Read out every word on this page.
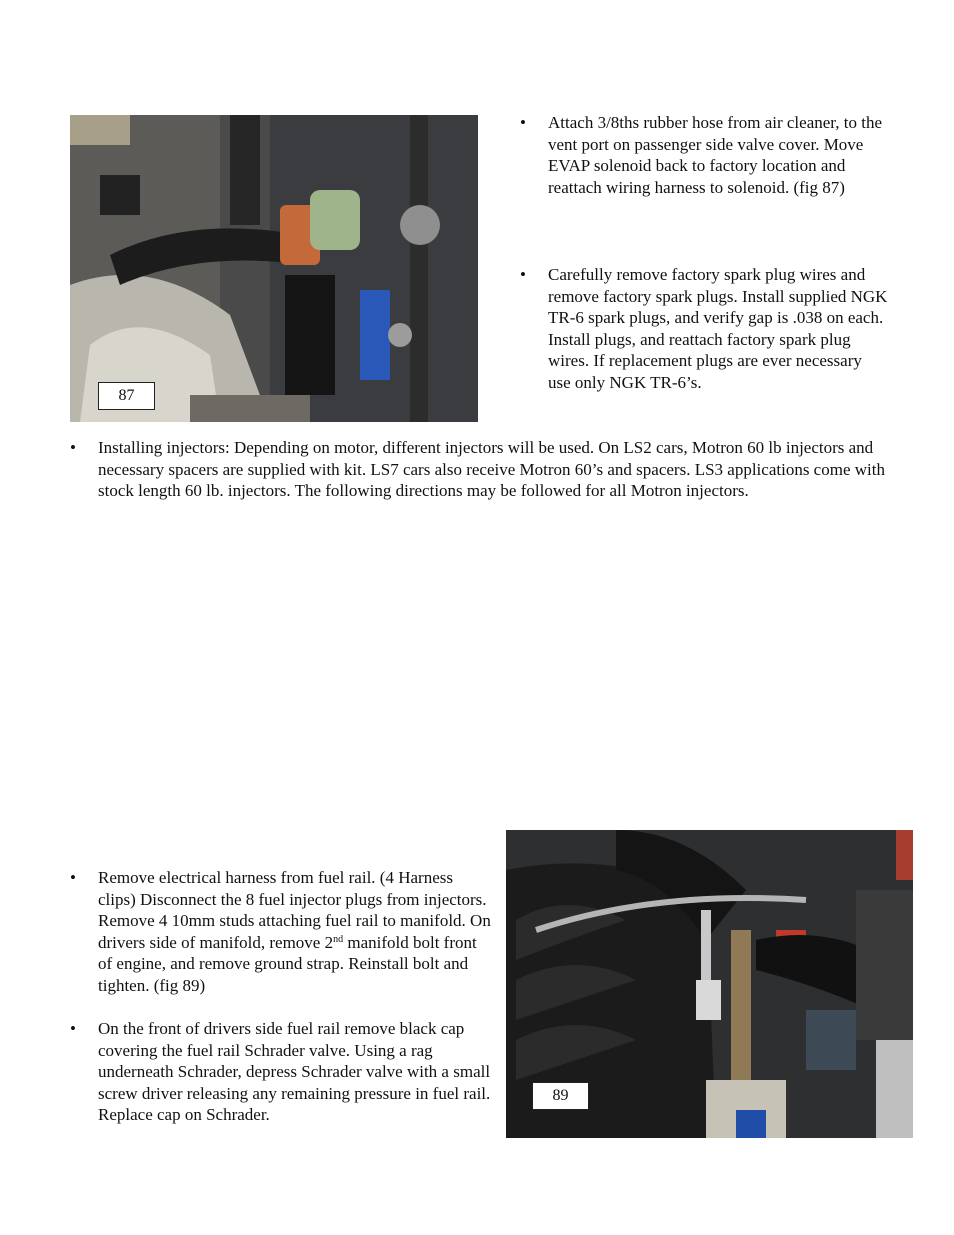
87
•	Attach 3/8ths rubber hose from air cleaner, to the vent port on passenger side valve cover. Move EVAP solenoid back to factory location and reattach wiring harness to solenoid. (fig 87)
•	Carefully remove factory spark plug wires and remove factory spark plugs. Install supplied NGK TR-6 spark plugs, and verify gap is .038 on each. Install plugs, and reattach factory spark plug wires. If replacement plugs are ever necessary use only NGK TR-6’s.
•	Installing injectors: Depending on motor, different injectors will be used. On LS2 cars, Motron 60 lb injectors and necessary spacers are supplied with kit. LS7 cars also receive Motron 60’s and spacers. LS3 applications come with stock length 60 lb. injectors. The following directions may be followed for all Motron injectors.
•	Remove electrical harness from fuel rail. (4 Harness clips) Disconnect the 8 fuel injector plugs from injectors. Remove 4 10mm studs attaching fuel rail to manifold. On drivers side of manifold, remove 2nd manifold bolt front of engine, and remove ground strap. Reinstall bolt and tighten. (fig 89)
•	On the front of drivers side fuel rail remove black cap covering the fuel rail Schrader valve. Using a rag underneath Schrader, depress Schrader valve with a small screw driver releasing any remaining pressure in fuel rail. Replace cap on Schrader.
89
